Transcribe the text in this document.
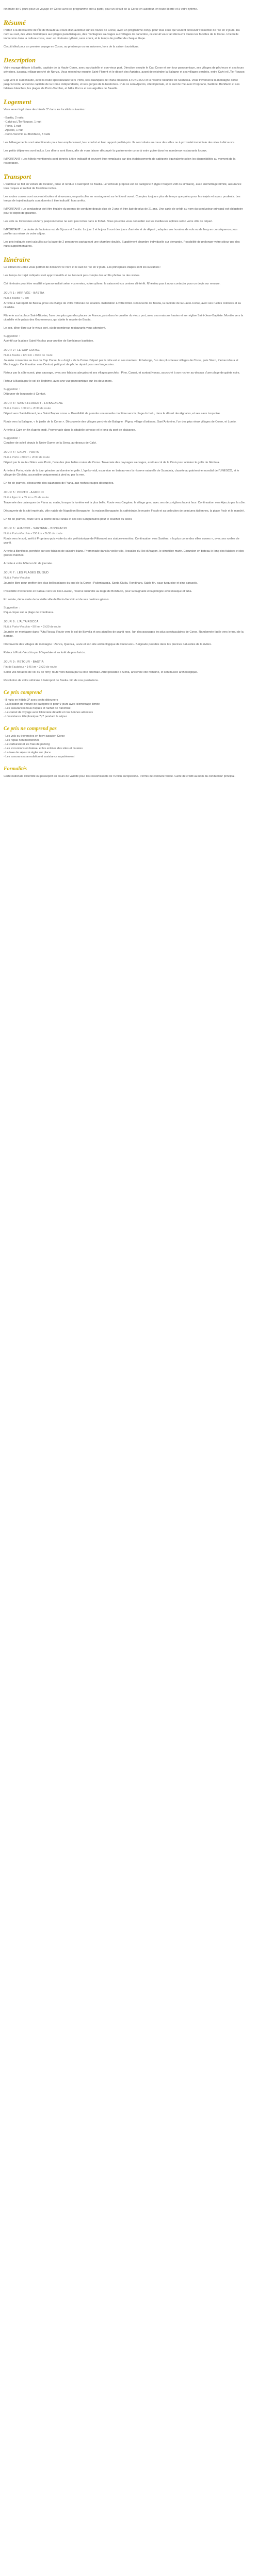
Itinéraire de 9 jours pour un voyage en Corse avec ce programme prêt à partir, pour un circuit de la Corse en autotour, en toute liberté et à votre rythme.

Résumé

Partez à la découverte de l'Île de Beauté au cours d'un autotour sur les routes de Corse, avec un programme conçu pour tous ceux qui veulent découvrir l'essentiel de l'île en 9 jours. Du nord au sud, des villes historiques aux plages paradisiaques, des montagnes sauvages aux villages de caractère, ce circuit vous fait découvrir toutes les facettes de la Corse. Une belle immersion dans la culture corse, avec un itinéraire rythmé, sans courir, et le temps de profiter de chaque étape.

Circuit idéal pour un premier voyage en Corse, au printemps ou en automne, hors de la saison touristique.

Description

Votre voyage débute à Bastia, capitale de la Haute-Corse, avec sa citadelle et son vieux port. Direction ensuite le Cap Corse et son tour panoramique, ses villages de pêcheurs et ses tours génoises, jusqu'au village perché de Nonza. Vous rejoindrez ensuite Saint-Florent et le désert des Agriates, avant de rejoindre la Balagne et ses villages perchés, entre Calvi et L'Île-Rousse.

Cap vers le sud ensuite, avec la route spectaculaire vers Porto, ses calanques de Piana classées à l'UNESCO et la réserve naturelle de Scandola. Vous traverserez la montagne corse jusqu'à Corte, ancienne capitale de la Corse indépendante, et ses gorges de la Restonica. Puis ce sera Ajaccio, cité impériale, et le sud de l'île avec Propriano, Sartène, Bonifacio et ses falaises blanches, les plages de Porto-Vecchio, et l'Alta Rocca et ses aiguilles de Bavella.

Logement

Vous serez logé dans des hôtels 3* dans les localités suivantes :

- Bastia, 2 nuits
- Calvi ou L'Île-Rousse, 1 nuit
- Porto, 1 nuit
- Ajaccio, 1 nuit
- Porto-Vecchio ou Bonifacio, 3 nuits

Les hébergements sont sélectionnés pour leur emplacement, leur confort et leur rapport qualité-prix. Ils sont situés au cœur des villes ou à proximité immédiate des sites à découvrir.

Les petits déjeuners sont inclus. Les dîners sont libres, afin de vous laisser découvrir la gastronomie corse à votre guise dans les nombreux restaurants locaux.

IMPORTANT : Les hôtels mentionnés sont donnés à titre indicatif et peuvent être remplacés par des établissements de catégorie équivalente selon les disponibilités au moment de la réservation.

Transport

L'autotour se fait en voiture de location, prise et rendue à l'aéroport de Bastia. Le véhicule proposé est de catégorie B (type Peugeot 208 ou similaire), avec kilométrage illimité, assurance tous risques et rachat de franchise inclus.

Les routes corses sont souvent étroites et sinueuses, en particulier en montagne et sur le littoral ouest. Comptez toujours plus de temps que prévu pour les trajets et soyez prudents. Les temps de trajet indiqués sont donnés à titre indicatif, hors arrêts.

IMPORTANT : Le conducteur doit être titulaire du permis de conduire depuis plus de 2 ans et être âgé de plus de 21 ans. Une carte de crédit au nom du conducteur principal est obligatoire pour le dépôt de garantie.

Les vols ou traversées en ferry jusqu'en Corse ne sont pas inclus dans le forfait. Nous pouvons vous conseiller sur les meilleures options selon votre ville de départ.

IMPORTANT : La durée de l'autotour est de 9 jours et 8 nuits. Le jour 1 et le jour 9 sont des jours d'arrivée et de départ ; adaptez vos horaires de vols ou de ferry en conséquence pour profiter au mieux de votre séjour.

Les prix indiqués sont calculés sur la base de 2 personnes partageant une chambre double. Supplément chambre individuelle sur demande. Possibilité de prolonger votre séjour par des nuits supplémentaires.

Itinéraire

Ce circuit en Corse vous permet de découvrir le nord et le sud de l'île en 9 jours. Les principales étapes sont les suivantes :

Les temps de trajet indiqués sont approximatifs et ne tiennent pas compte des arrêts photos ou des visites.

Cet itinéraire peut être modifié et personnalisé selon vos envies, votre rythme, la saison et vos centres d'intérêt. N'hésitez pas à nous contacter pour un devis sur mesure.

JOUR 1 : ARRIVÉE - BASTIA

Nuit à Bastia • 0 km

Arrivée à l'aéroport de Bastia, prise en charge de votre véhicule de location. Installation à votre hôtel. Découverte de Bastia, la capitale de la Haute-Corse, avec ses ruelles colorées et sa citadelle.

Flânerie sur la place Saint-Nicolas, l'une des plus grandes places de France, puis dans le quartier du vieux port, avec ses maisons hautes et son église Saint-Jean-Baptiste. Montée vers la citadelle et le palais des Gouverneurs, qui abrite le musée de Bastia.

Le soir, dîner libre sur le vieux port, où de nombreux restaurants vous attendent.

Suggestion :

Apéritif sur la place Saint-Nicolas pour profiter de l'ambiance bastiaise.

JOUR 2 : LE CAP CORSE

Nuit à Bastia • 120 km • 3h30 de route

Journée consacrée au tour du Cap Corse, le « doigt » de la Corse. Départ par la côte est et ses marines : Erbalunga, l'un des plus beaux villages de Corse, puis Sisco, Pietracorbara et Macinaggio. Continuation vers Centuri, petit port de pêche réputé pour ses langoustes.

Retour par la côte ouest, plus sauvage, avec ses falaises abruptes et ses villages perchés : Pino, Canari, et surtout Nonza, accroché à son rocher au-dessus d'une plage de galets noirs.

Retour à Bastia par le col de Teghime, avec une vue panoramique sur les deux mers.

Suggestion :

Déjeuner de langouste à Centuri.

JOUR 3 : SAINT-FLORENT - LA BALAGNE

Nuit à Calvi • 100 km • 2h30 de route

Départ vers Saint-Florent, le « Saint-Tropez corse ». Possibilité de prendre une navette maritime vers la plage du Lotu, dans le désert des Agriates, et ses eaux turquoise.

Route vers la Balagne, « le jardin de la Corse ». Découverte des villages perchés de Balagne : Pigna, village d'artisans, Sant'Antonino, l'un des plus vieux villages de Corse, et Lumio.

Arrivée à Calvi en fin d'après-midi. Promenade dans la citadelle génoise et le long du port de plaisance.

Suggestion :

Coucher de soleil depuis la Notre-Dame de la Serra, au-dessus de Calvi.

JOUR 4 : CALVI - PORTO

Nuit à Porto • 80 km • 2h30 de route

Départ par la route côtière vers Porto, l'une des plus belles routes de Corse. Traversée des paysages sauvages, arrêt au col de la Croix pour admirer le golfe de Girolata.

Arrivée à Porto, visite de la tour génoise qui domine le golfe. L'après-midi, excursion en bateau vers la réserve naturelle de Scandola, classée au patrimoine mondial de l'UNESCO, et le village de Girolata, accessible uniquement à pied ou par la mer.

En fin de journée, découverte des calanques de Piana, aux roches rouges découpées.

JOUR 5 : PORTO - AJACCIO

Nuit à Ajaccio • 85 km • 2h de route

Traversée des calanques de Piana au matin, lorsque la lumière est la plus belle. Route vers Cargèse, le village grec, avec ses deux églises face à face. Continuation vers Ajaccio par la côte.

Découverte de la cité impériale, ville natale de Napoléon Bonaparte : la maison Bonaparte, la cathédrale, le musée Fesch et sa collection de peintures italiennes, la place Foch et le marché.

En fin de journée, route vers la pointe de la Parata et ses îles Sanguinaires pour le coucher du soleil.

JOUR 6 : AJACCIO - SARTÈNE - BONIFACIO

Nuit à Porto-Vecchio • 150 km • 3h30 de route

Route vers le sud, arrêt à Propriano puis visite du site préhistorique de Filitosa et ses statues-menhirs. Continuation vers Sartène, « la plus corse des villes corses », avec ses ruelles de granit.

Arrivée à Bonifacio, perchée sur ses falaises de calcaire blanc. Promenade dans la vieille ville, l'escalier du Roi d'Aragon, le cimetière marin. Excursion en bateau le long des falaises et des grottes marines.

Arrivée à votre hôtel en fin de journée.

JOUR 7 : LES PLAGES DU SUD

Nuit à Porto-Vecchio

Journée libre pour profiter des plus belles plages du sud de la Corse : Palombaggia, Santa Giulia, Rondinara. Sable fin, eaux turquoise et pins parasols.

Possibilité d'excursion en bateau vers les îles Lavezzi, réserve naturelle au large de Bonifacio, pour la baignade et la plongée avec masque et tuba.

En soirée, découverte de la vieille ville de Porto-Vecchio et de ses bastions génois.

Suggestion :

Pique-nique sur la plage de Rondinara.

JOUR 8 : L'ALTA ROCCA

Nuit à Porto-Vecchio • 90 km • 2h30 de route

Journée en montagne dans l'Alta Rocca. Route vers le col de Bavella et ses aiguilles de granit rose, l'un des paysages les plus spectaculaires de Corse. Randonnée facile vers le trou de la Bombe.

Découverte des villages de montagne : Zonza, Quenza, Levie et son site archéologique de Cucuruzzu. Baignade possible dans les piscines naturelles de la rivière.

Retour à Porto-Vecchio par l'Ospedale et sa forêt de pins laricio.

JOUR 9 : RETOUR - BASTIA

Fin de l'autotour • 145 km • 2h30 de route

Selon vos horaires de vol ou de ferry, route vers Bastia par la côte orientale. Arrêt possible à Aléria, ancienne cité romaine, et son musée archéologique.

Restitution de votre véhicule à l'aéroport de Bastia. Fin de nos prestations.

Ce prix comprend
- 8 nuits en hôtels 3* avec petits déjeuners
- La location de voiture de catégorie B pour 9 jours avec kilométrage illimité
- Les assurances tous risques et rachat de franchise
- Le carnet de voyage avec l'itinéraire détaillé et nos bonnes adresses
- L'assistance téléphonique 7j/7 pendant le séjour
Ce prix ne comprend pas
- Les vols ou traversées en ferry jusqu'en Corse
- Les repas non mentionnés
- Le carburant et les frais de parking
- Les excursions en bateau et les entrées des sites et musées
- La taxe de séjour à régler sur place
- Les assurances annulation et assistance rapatriement
Formalités

Carte nationale d'identité ou passeport en cours de validité pour les ressortissants de l'Union européenne. Permis de conduire valide. Carte de crédit au nom du conducteur principal.
